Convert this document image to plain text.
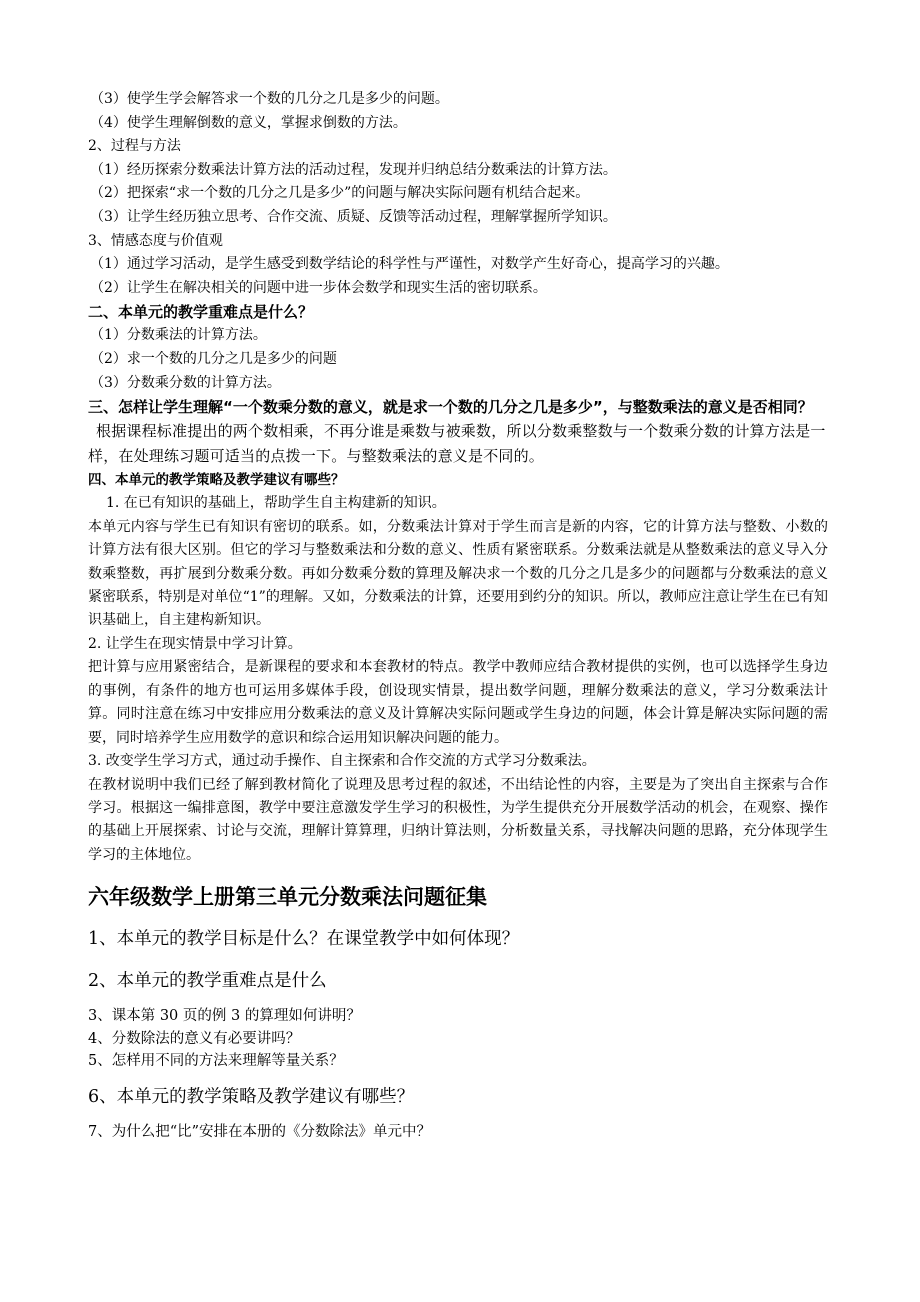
（3）使学生学会解答求一个数的几分之几是多少的问题。

（4）使学生理解倒数的意义，掌握求倒数的方法。

2、过程与方法

（1）经历探索分数乘法计算方法的活动过程，发现并归纳总结分数乘法的计算方法。

（2）把探索“求一个数的几分之几是多少”的问题与解决实际问题有机结合起来。

（3）让学生经历独立思考、合作交流、质疑、反馈等活动过程，理解掌握所学知识。

3、情感态度与价值观

（1）通过学习活动，是学生感受到数学结论的科学性与严谨性，对数学产生好奇心，提高学习的兴趣。

（2）让学生在解决相关的问题中进一步体会数学和现实生活的密切联系。

二、本单元的教学重难点是什么？

（1）分数乘法的计算方法。

（2）求一个数的几分之几是多少的问题

（3）分数乘分数的计算方法。

三、怎样让学生理解“一个数乘分数的意义，就是求一个数的几分之几是多少”，与整数乘法的意义是否相同？

根据课程标准提出的两个数相乘，不再分谁是乘数与被乘数，所以分数乘整数与一个数乘分数的计算方法是一样，在处理练习题可适当的点拨一下。与整数乘法的意义是不同的。

四、本单元的教学策略及教学建议有哪些？

1. 在已有知识的基础上，帮助学生自主构建新的知识。

本单元内容与学生已有知识有密切的联系。如，分数乘法计算对于学生而言是新的内容，它的计算方法与整数、小数的计算方法有很大区别。但它的学习与整数乘法和分数的意义、性质有紧密联系。分数乘法就是从整数乘法的意义导入分数乘整数，再扩展到分数乘分数。再如分数乘分数的算理及解决求一个数的几分之几是多少的问题都与分数乘法的意义紧密联系，特别是对单位“1”的理解。又如，分数乘法的计算，还要用到约分的知识。所以，教师应注意让学生在已有知识基础上，自主建构新知识。

2. 让学生在现实情景中学习计算。

把计算与应用紧密结合，是新课程的要求和本套教材的特点。教学中教师应结合教材提供的实例，也可以选择学生身边的事例，有条件的地方也可运用多媒体手段，创设现实情景，提出数学问题，理解分数乘法的意义，学习分数乘法计算。同时注意在练习中安排应用分数乘法的意义及计算解决实际问题或学生身边的问题，体会计算是解决实际问题的需要，同时培养学生应用数学的意识和综合运用知识解决问题的能力。

3. 改变学生学习方式，通过动手操作、自主探索和合作交流的方式学习分数乘法。

在教材说明中我们已经了解到教材简化了说理及思考过程的叙述，不出结论性的内容，主要是为了突出自主探索与合作学习。根据这一编排意图，教学中要注意激发学生学习的积极性，为学生提供充分开展数学活动的机会，在观察、操作的基础上开展探索、讨论与交流，理解计算算理，归纳计算法则，分析数量关系，寻找解决问题的思路，充分体现学生学习的主体地位。

六年级数学上册第三单元分数乘法问题征集

1、本单元的教学目标是什么？在课堂教学中如何体现？

2、本单元的教学重难点是什么

3、课本第 30 页的例 3 的算理如何讲明？

4、分数除法的意义有必要讲吗？

5、怎样用不同的方法来理解等量关系？

6、本单元的教学策略及教学建议有哪些？

7、为什么把“比”安排在本册的《分数除法》单元中？
